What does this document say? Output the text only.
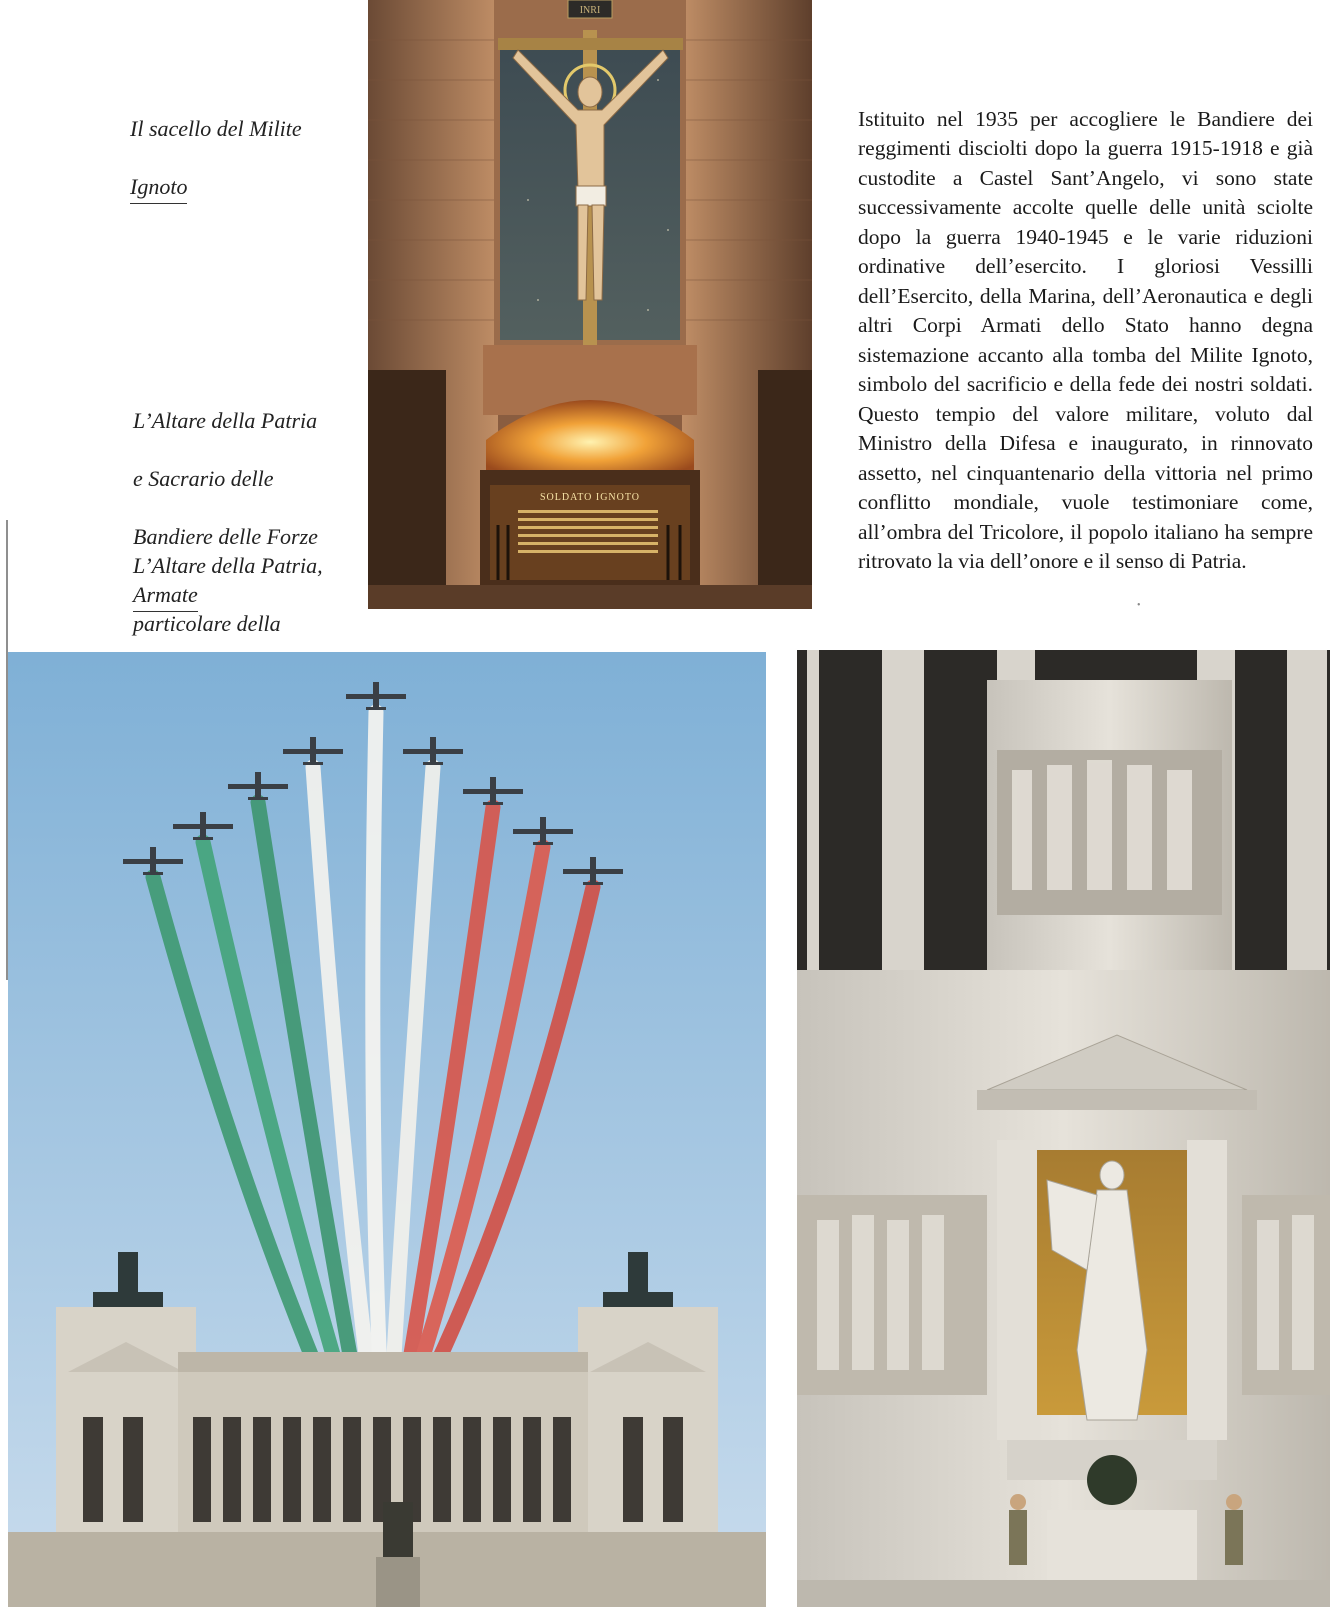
Il sacello del Milite

Ignoto

L’Altare della Patria

e Sacrario delle

Bandiere delle Forze

Armate

L’Altare della Patria,

particolare della

Istituito nel 1935 per accogliere le Bandiere dei reggimenti disciolti dopo la guerra 1915-1918 e già custodite a Castel Sant’Angelo, vi sono state successivamente accolte quelle delle unità sciolte dopo la guerra 1940-1945 e le varie riduzioni ordinative dell’esercito. I gloriosi Vessilli dell’Esercito, della Marina, dell’Aeronautica e degli altri Corpi Armati dello Stato hanno degna sistemazione accanto alla tomba del Milite Ignoto, simbolo del sacrificio e della fede dei nostri soldati. Questo tempio del valore militare, voluto dal Ministro della Difesa e inaugurato, in rinnovato assetto, nel cinquantenario della vittoria nel primo conflitto mondiale, vuole testimoniare come, all’ombra del Tricolore, il popolo italiano ha sempre ritrovato la via dell’onore e il senso di Patria.

•
INRI
SOLDATO IGNOTO
